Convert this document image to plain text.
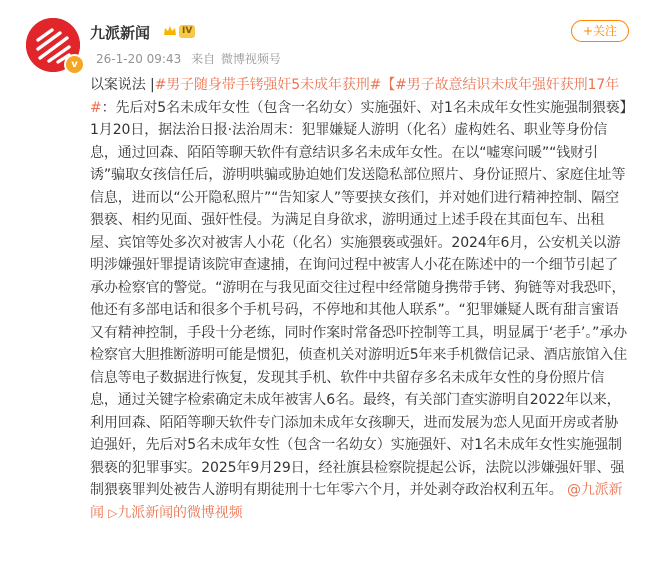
v
九派新闻	IV
26-1-20 09:43 来自 微博视频号
+关注
以案说法 |#男子随身带手铐强奸5未成年获刑#【#男子故意结识未成年强奸获刑17年#：先后对5名未成年女性（包含一名幼女）实施强奸、对1名未成年女性实施强制猥亵】1月20日，据法治日报·法治周末：犯罪嫌疑人游明（化名）虚构姓名、职业等身份信息，通过回森、陌陌等聊天软件有意结识多名未成年女性。在以“嘘寒问暖”“钱财引诱”骗取女孩信任后，游明哄骗或胁迫她们发送隐私部位照片、身份证照片、家庭住址等信息，进而以“公开隐私照片”“告知家人”等要挟女孩们，并对她们进行精神控制、隔空猥亵、相约见面、强奸性侵。为满足自身欲求，游明通过上述手段在其面包车、出租屋、宾馆等处多次对被害人小花（化名）实施猥亵或强奸。2024年6月，公安机关以游明涉嫌强奸罪提请该院审查逮捕，在询问过程中被害人小花在陈述中的一个细节引起了承办检察官的警觉。“游明在与我见面交往过程中经常随身携带手铐、狗链等对我恐吓，他还有多部电话和很多个手机号码，不停地和其他人联系”。“犯罪嫌疑人既有甜言蜜语又有精神控制，手段十分老练，同时作案时常备恐吓控制等工具，明显属于‘老手’。”承办检察官大胆推断游明可能是惯犯，侦查机关对游明近5年来手机微信记录、酒店旅馆入住信息等电子数据进行恢复，发现其手机、软件中共留存多名未成年女性的身份照片信息，通过关键字检索确定未成年被害人6名。最终，有关部门查实游明自2022年以来，利用回森、陌陌等聊天软件专门添加未成年女孩聊天，进而发展为恋人见面开房或者胁迫强奸，先后对5名未成年女性（包含一名幼女）实施强奸、对1名未成年女性实施强制猥亵的犯罪事实。2025年9月29日，经社旗县检察院提起公诉，法院以涉嫌强奸罪、强制猥亵罪判处被告人游明有期徒刑十七年零六个月，并处剥夺政治权利五年。 @九派新闻 ▷九派新闻的微博视频
